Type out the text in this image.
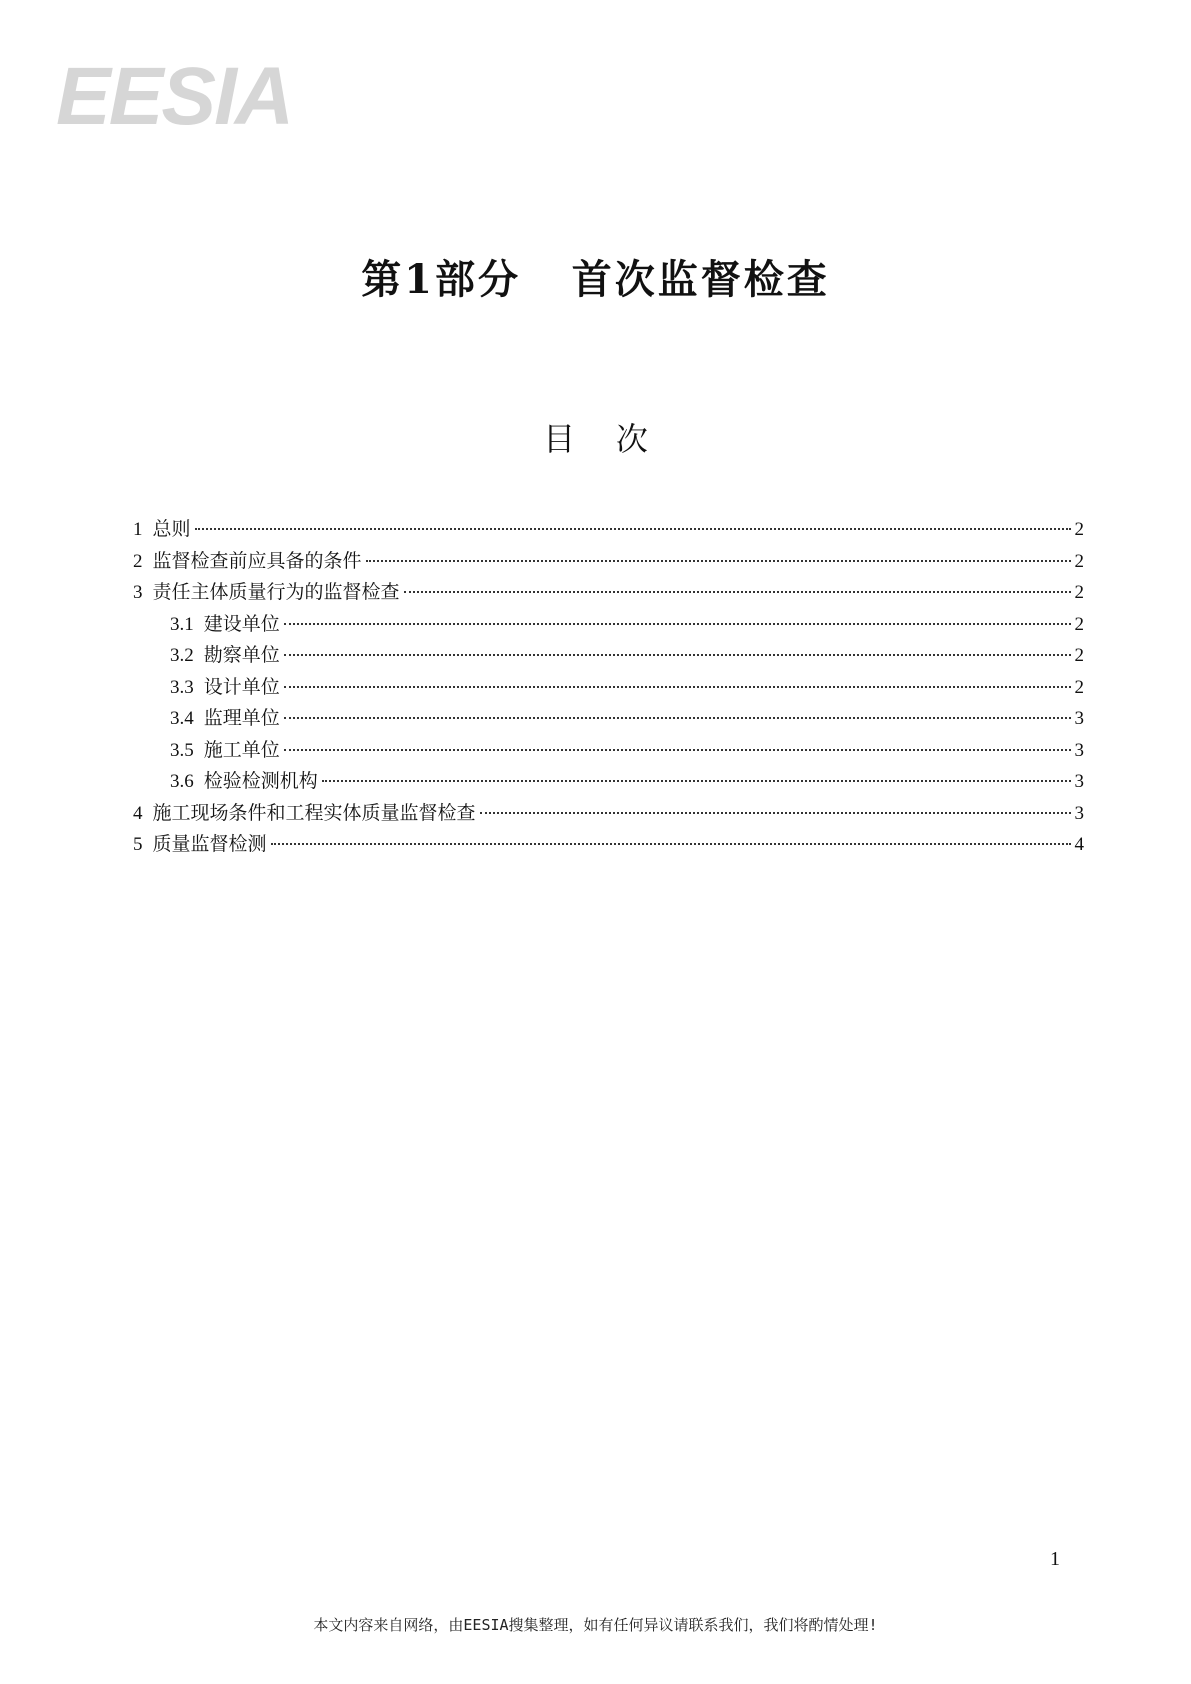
EESIA
第1部分   首次监督检查
目    次
1 总则	2
2 监督检查前应具备的条件	2
3 责任主体质量行为的监督检查	2
3.1 建设单位	2
3.2 勘察单位	2
3.3 设计单位	2
3.4 监理单位	3
3.5 施工单位	3
3.6 检验检测机构	3
4 施工现场条件和工程实体质量监督检查	3
5 质量监督检测	4
1
本文内容来自网络，由EESIA搜集整理，如有任何异议请联系我们，我们将酌情处理!
